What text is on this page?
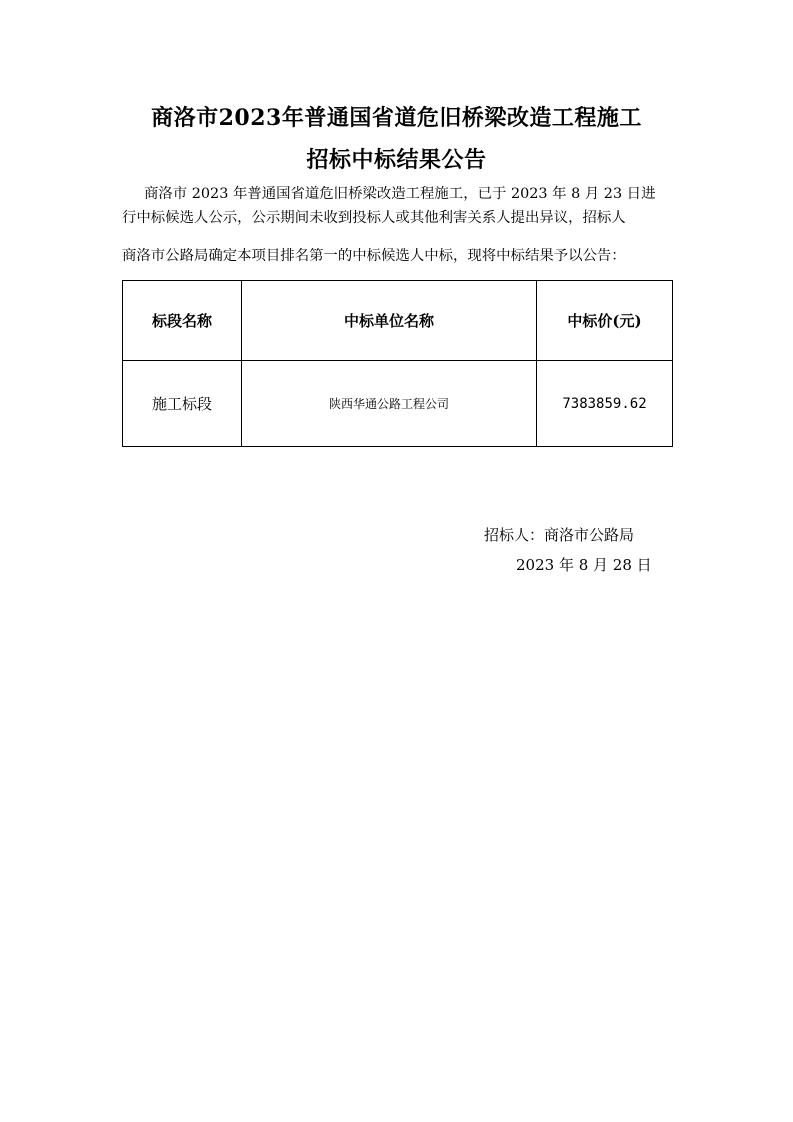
商洛市2023年普通国省道危旧桥梁改造工程施工
招标中标结果公告
商洛市 2023 年普通国省道危旧桥梁改造工程施工，已于 2023 年 8 月 23 日进
行中标候选人公示，公示期间未收到投标人或其他利害关系人提出异议，招标人
商洛市公路局确定本项目排名第一的中标候选人中标，现将中标结果予以公告：
标段名称	中标单位名称	中标价(元)
施工标段	陕西华通公路工程公司	7383859.62
招标人：商洛市公路局
2023 年 8 月 28 日
